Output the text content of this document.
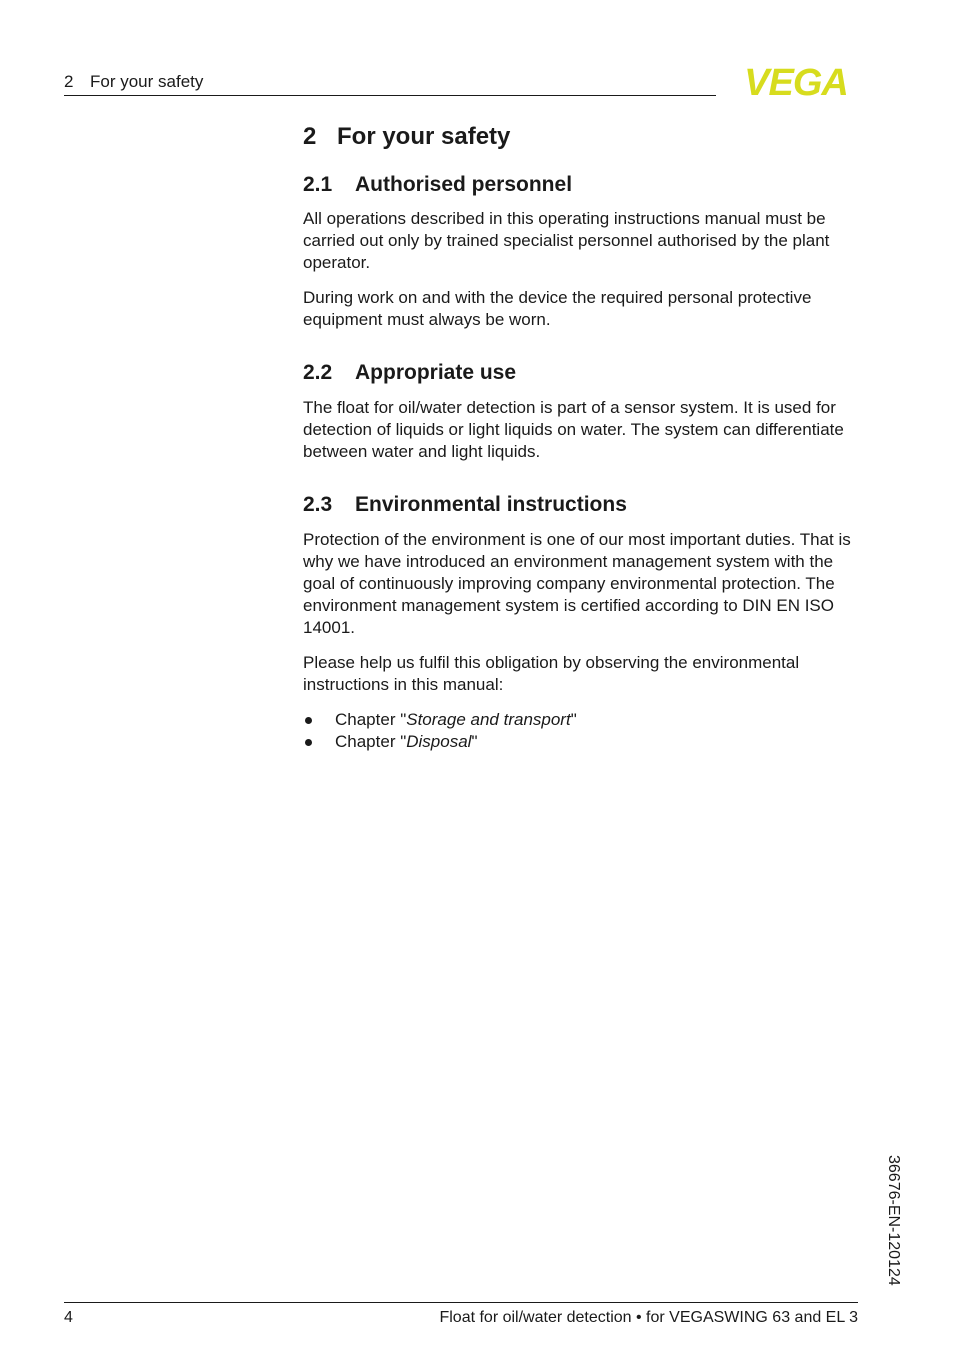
2 For your safety	VEGA
2 For your safety
2.1 Authorised personnel

All operations described in this operating instructions manual must be carried out only by trained specialist personnel authorised by the plant operator.

During work on and with the device the required personal protective equipment must always be worn.

2.2 Appropriate use

The float for oil/water detection is part of a sensor system. It is used for detection of liquids or light liquids on water. The system can differentiate between water and light liquids.

2.3 Environmental instructions

Protection of the environment is one of our most important duties. That is why we have introduced an environment management system with the goal of continuously improving company environmental protection. The environment management system is certified according to DIN EN ISO 14001.

Please help us fulfil this obligation by observing the environmental instructions in this manual:

Chapter "Storage and transport"
Chapter "Disposal"
36676-EN-120124
4	Float for oil/water detection • for VEGASWING 63 and EL 3
